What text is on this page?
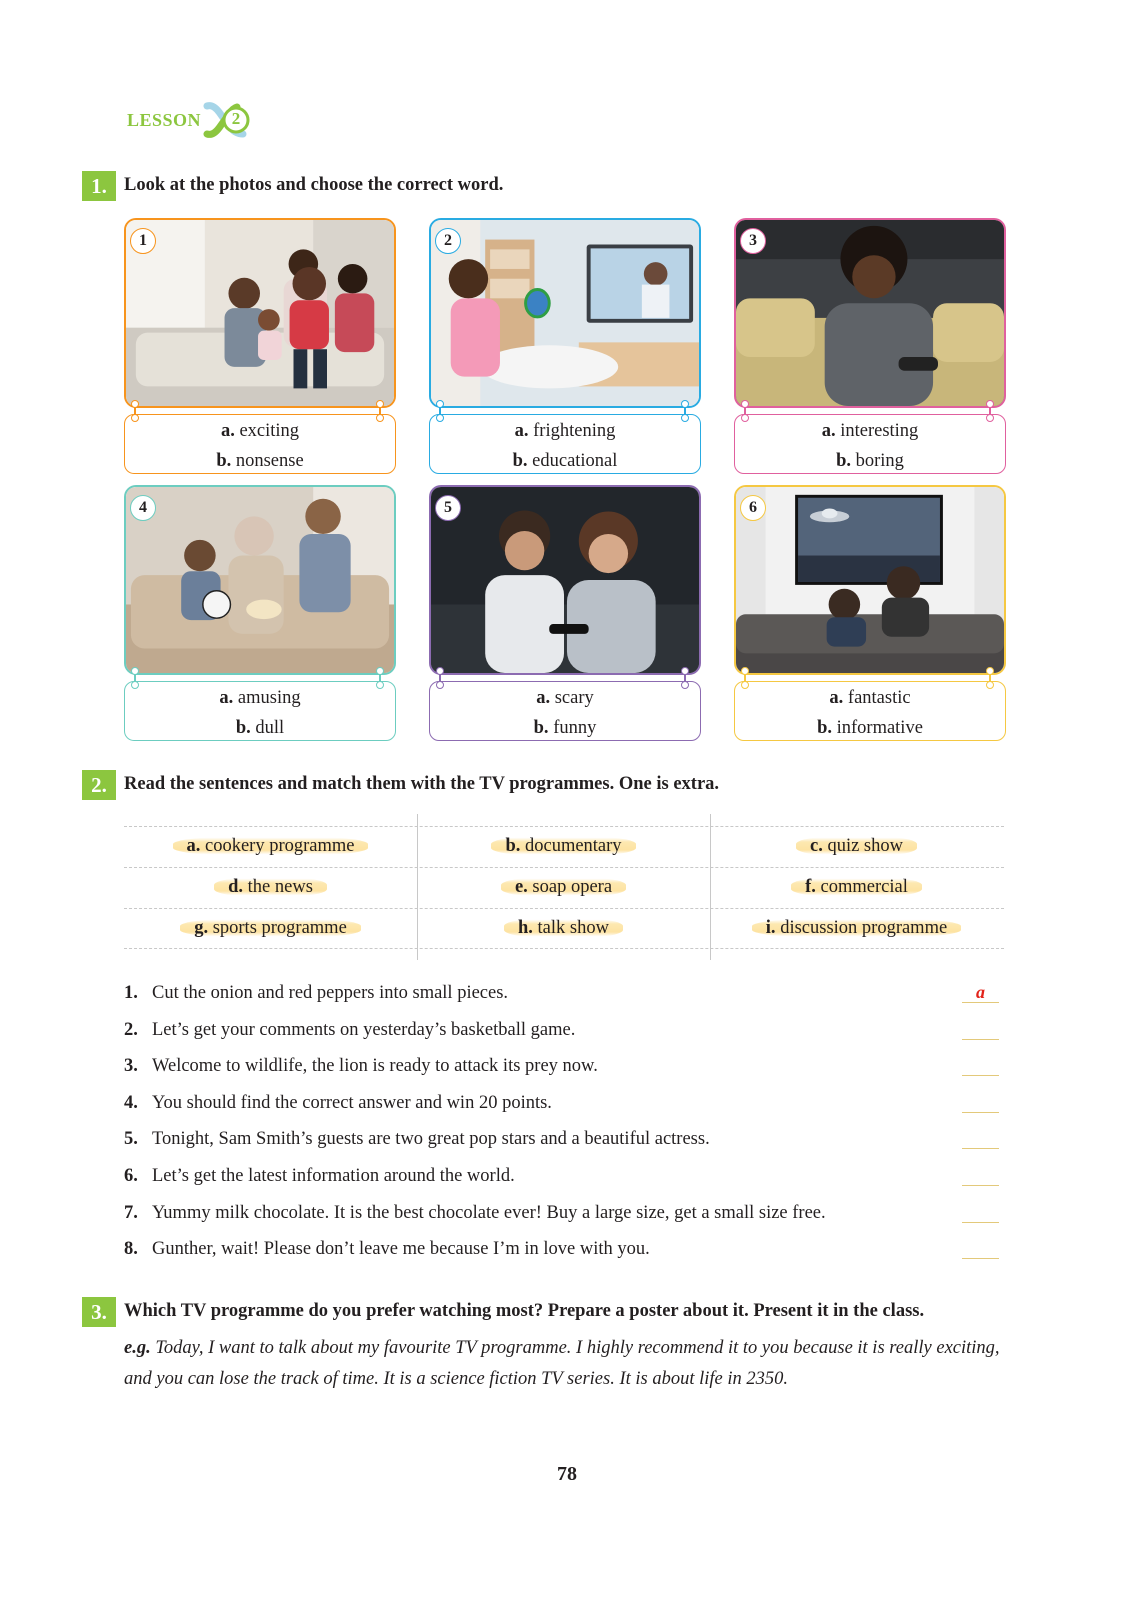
LESSON	2
1. Look at the photos and choose the correct word.
1
a. exciting
b. nonsense
2
a. frightening
b. educational
3
a. interesting
b. boring
4
a. amusing
b. dull
5
a. scary
b. funny
6
a. fantastic
b. informative
2. Read the sentences and match them with the TV programmes. One is extra.
a. cookery programme	b. documentary	c. quiz show
d. the news	e. soap opera	f. commercial
g. sports programme	h. talk show	i. discussion programme
1. Cut the onion and red peppers into small pieces.	a
2. Let’s get your comments on yesterday’s basketball game.
3. Welcome to wildlife, the lion is ready to attack its prey now.
4. You should find the correct answer and win 20 points.
5. Tonight, Sam Smith’s guests are two great pop stars and a beautiful actress.
6. Let’s get the latest information around the world.
7. Yummy milk chocolate. It is the best chocolate ever! Buy a large size, get a small size free.
8. Gunther, wait! Please don’t leave me because I’m in love with you.
3. Which TV programme do you prefer watching most? Prepare a poster about it. Present it in the class.
e.g. Today, I want to talk about my favourite TV programme. I highly recommend it to you because it is really exciting, and you can lose the track of time. It is a science fiction TV series. It is about life in 2350.
78
